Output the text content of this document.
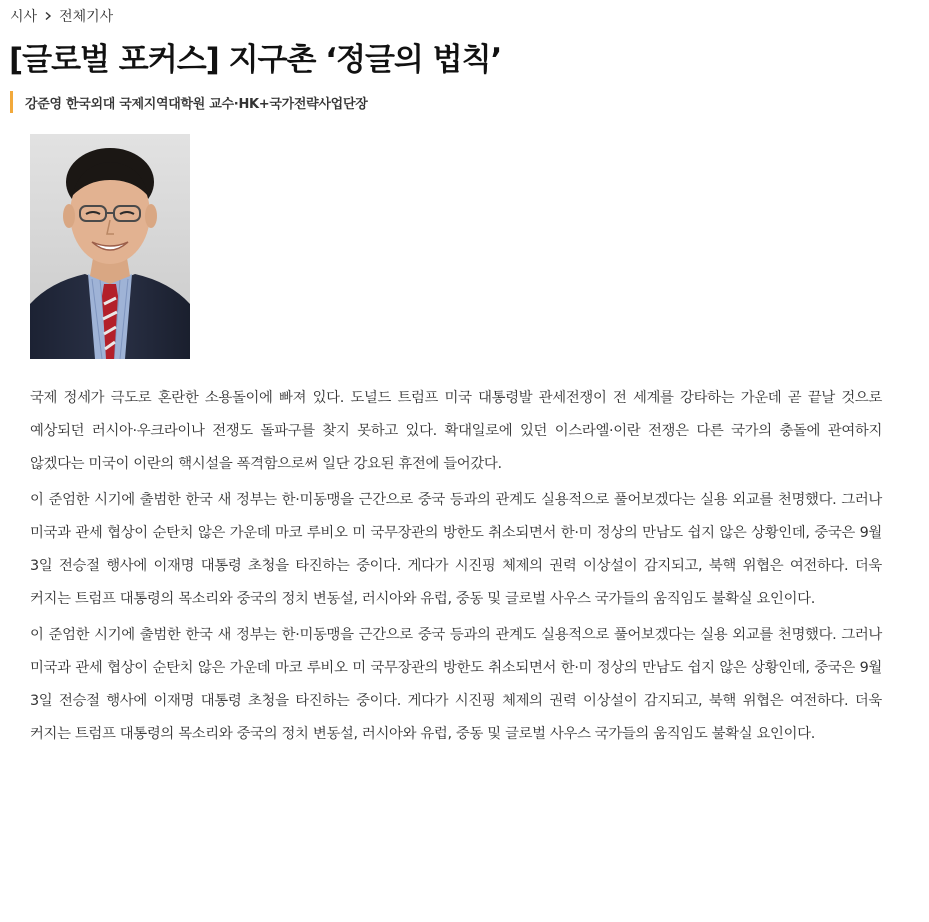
시사 전체기사
[글로벌 포커스] 지구촌 ‘정글의 법칙’
강준영 한국외대 국제지역대학원 교수·HK+국가전략사업단장

국제 정세가 극도로 혼란한 소용돌이에 빠져 있다. 도널드 트럼프 미국 대통령발 관세전쟁이 전 세계를 강타하는 가운데 곧 끝날 것으로 예상되던 러시아·우크라이나 전쟁도 돌파구를 찾지 못하고 있다. 확대일로에 있던 이스라엘·이란 전쟁은 다른 국가의 충돌에 관여하지 않겠다는 미국이 이란의 핵시설을 폭격함으로써 일단 강요된 휴전에 들어갔다.

이 준엄한 시기에 출범한 한국 새 정부는 한·미동맹을 근간으로 중국 등과의 관계도 실용적으로 풀어보겠다는 실용 외교를 천명했다. 그러나 미국과 관세 협상이 순탄치 않은 가운데 마코 루비오 미 국무장관의 방한도 취소되면서 한·미 정상의 만남도 쉽지 않은 상황인데, 중국은 9월 3일 전승절 행사에 이재명 대통령 초청을 타진하는 중이다. 게다가 시진핑 체제의 권력 이상설이 감지되고, 북핵 위협은 여전하다. 더욱 커지는 트럼프 대통령의 목소리와 중국의 정치 변동설, 러시아와 유럽, 중동 및 글로벌 사우스 국가들의 움직임도 불확실 요인이다.

이 준엄한 시기에 출범한 한국 새 정부는 한·미동맹을 근간으로 중국 등과의 관계도 실용적으로 풀어보겠다는 실용 외교를 천명했다. 그러나 미국과 관세 협상이 순탄치 않은 가운데 마코 루비오 미 국무장관의 방한도 취소되면서 한·미 정상의 만남도 쉽지 않은 상황인데, 중국은 9월 3일 전승절 행사에 이재명 대통령 초청을 타진하는 중이다. 게다가 시진핑 체제의 권력 이상설이 감지되고, 북핵 위협은 여전하다. 더욱 커지는 트럼프 대통령의 목소리와 중국의 정치 변동설, 러시아와 유럽, 중동 및 글로벌 사우스 국가들의 움직임도 불확실 요인이다.
